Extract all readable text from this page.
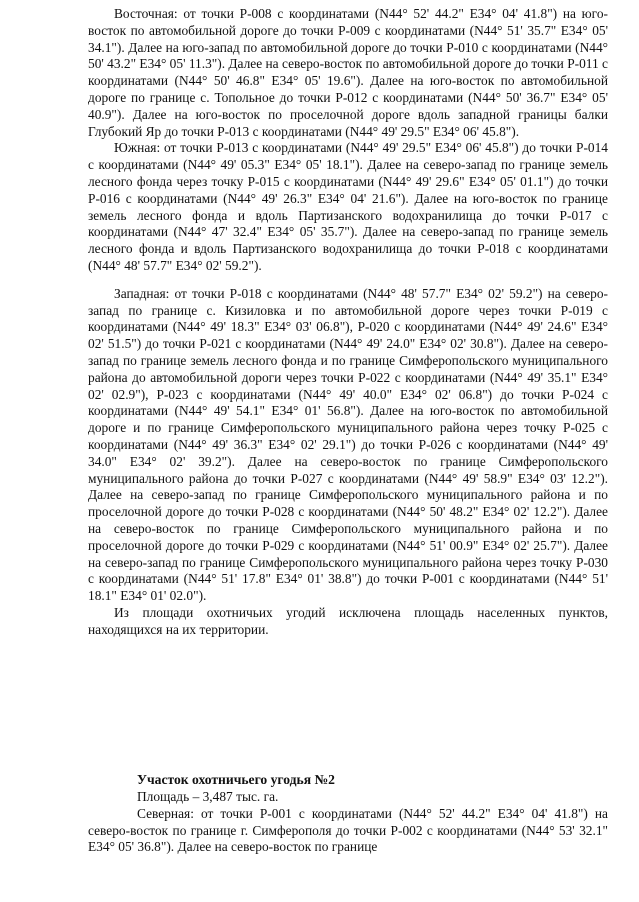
Восточная: от точки Р-008 с координатами (N44° 52' 44.2" E34° 04' 41.8") на юго-восток по автомобильной дороге до точки Р-009 с координатами (N44° 51' 35.7" E34° 05' 34.1"). Далее на юго-запад по автомобильной дороге до точки Р-010 с координатами (N44° 50' 43.2" E34° 05' 11.3"). Далее на северо-восток по автомобильной дороге до точки Р-011 с координатами (N44° 50' 46.8" E34° 05' 19.6"). Далее на юго-восток по автомобильной дороге по границе с. Топольное до точки Р-012 с координатами (N44° 50' 36.7" E34° 05' 40.9"). Далее на юго-восток по проселочной дороге вдоль западной границы балки Глубокий Яр до точки Р-013 с координатами (N44° 49' 29.5" E34° 06' 45.8").

Южная: от точки Р-013 с координатами (N44° 49' 29.5" E34° 06' 45.8") до точки Р-014 с координатами (N44° 49' 05.3" E34° 05' 18.1"). Далее на северо-запад по границе земель лесного фонда через точку Р-015 с координатами (N44° 49' 29.6" E34° 05' 01.1") до точки Р-016 с координатами (N44° 49' 26.3" E34° 04' 21.6"). Далее на юго-восток по границе земель лесного фонда и вдоль Партизанского водохранилища до точки Р-017 с координатами (N44° 47' 32.4" E34° 05' 35.7"). Далее на северо-запад по границе земель лесного фонда и вдоль Партизанского водохранилища до точки Р-018 с координатами (N44° 48' 57.7" E34° 02' 59.2").

Западная: от точки Р-018 с координатами (N44° 48' 57.7" E34° 02' 59.2") на северо-запад по границе с. Кизиловка и по автомобильной дороге через точки Р-019 с координатами (N44° 49' 18.3" E34° 03' 06.8"), Р-020 с координатами (N44° 49' 24.6" E34° 02' 51.5") до точки Р-021 с координатами (N44° 49' 24.0" E34° 02' 30.8"). Далее на северо-запад по границе земель лесного фонда и по границе Симферопольского муниципального района до автомобильной дороги через точки Р-022 с координатами (N44° 49' 35.1" E34° 02' 02.9"), Р-023 с координатами (N44° 49' 40.0" E34° 02' 06.8") до точки Р-024 с координатами (N44° 49' 54.1" E34° 01' 56.8"). Далее на юго-восток по автомобильной дороге и по границе Симферопольского муниципального района через точку Р-025 с координатами (N44° 49' 36.3" E34° 02' 29.1") до точки Р-026 с координатами (N44° 49' 34.0" E34° 02' 39.2"). Далее на северо-восток по границе Симферопольского муниципального района до точки Р-027 с координатами (N44° 49' 58.9" E34° 03' 12.2"). Далее на северо-запад по границе Симферопольского муниципального района и по проселочной дороге до точки Р-028 с координатами (N44° 50' 48.2" E34° 02' 12.2"). Далее на северо-восток по границе Симферопольского муниципального района и по проселочной дороге до точки Р-029 с координатами (N44° 51' 00.9" E34° 02' 25.7"). Далее на северо-запад по границе Симферопольского муниципального района через точку Р-030 с координатами (N44° 51' 17.8" E34° 01' 38.8") до точки Р-001 с координатами (N44° 51' 18.1" E34° 01' 02.0").

Из площади охотничьих угодий исключена площадь населенных пунктов, находящихся на их территории.

Участок охотничьего угодья №2

Площадь – 3,487 тыс. га.

Северная: от точки Р-001 с координатами (N44° 52' 44.2" E34° 04' 41.8") на северо-восток по границе г. Симферополя до точки Р-002 с координатами (N44° 53' 32.1" E34° 05' 36.8"). Далее на северо-восток по границе
